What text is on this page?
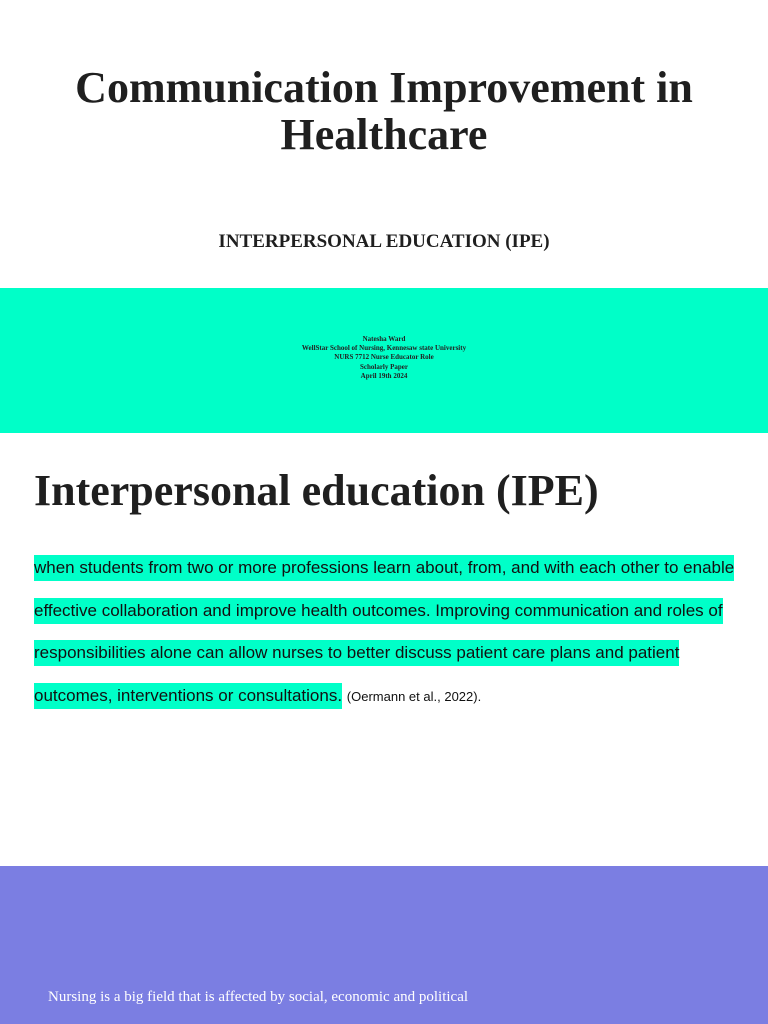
Communication Improvement in
Healthcare
INTERPERSONAL EDUCATION (IPE)
Natesha Ward
WellStar School of Nursing, Kennesaw state University
NURS 7712 Nurse Educator Role
Scholarly Paper
April 19th 2024
Interpersonal education (IPE)

when students from two or more professions learn about, from, and with each other to enable effective collaboration and improve health outcomes. Improving communication and roles of responsibilities alone can allow nurses to better discuss patient care plans and patient outcomes, interventions or consultations. (Oermann et al., 2022).

Nursing is a big field that is affected by social, economic and political
